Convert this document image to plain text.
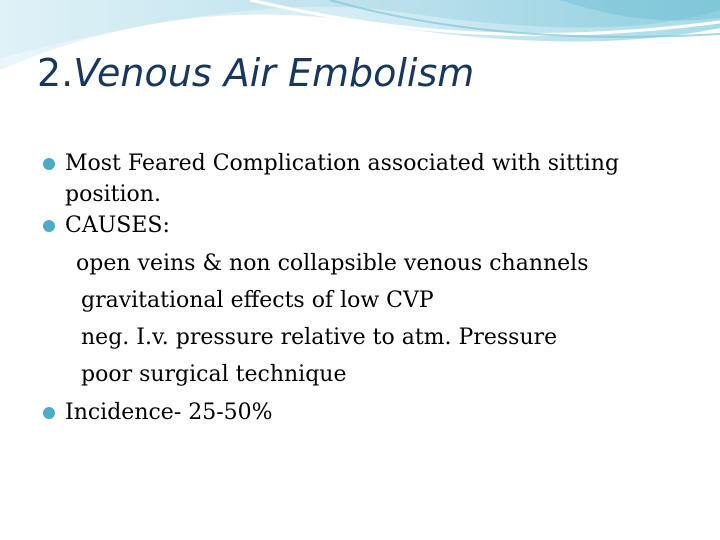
2.Venous Air Embolism
Most Feared Complication associated with sitting
position.
CAUSES:
open veins & non collapsible venous channels
gravitational effects of low CVP
neg. I.v. pressure relative to atm. Pressure
poor surgical technique
Incidence- 25-50%
